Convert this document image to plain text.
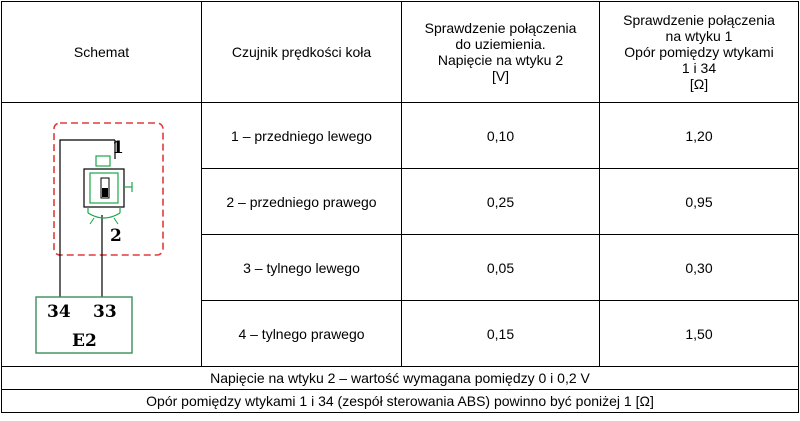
Schemat	Czujnik prędkości koła	Sprawdzenie połączenia
do uziemienia.
Napięcie na wtyku 2
[V]	Sprawdzenie połączenia
na wtyku 1
Opór pomiędzy wtykami
1 i 34
[Ω]

1
2
34 33
E2	1 – przedniego lewego	0,10	1,20
	2 – przedniego prawego	0,25	0,95
	3 – tylnego lewego	0,05	0,30
	4 – tylnego prawego	0,15	1,50
Napięcie na wtyku 2 – wartość wymagana pomiędzy 0 i 0,2 V			
Opór pomiędzy wtykami 1 i 34 (zespół sterowania ABS) powinno być poniżej 1 [Ω]			
